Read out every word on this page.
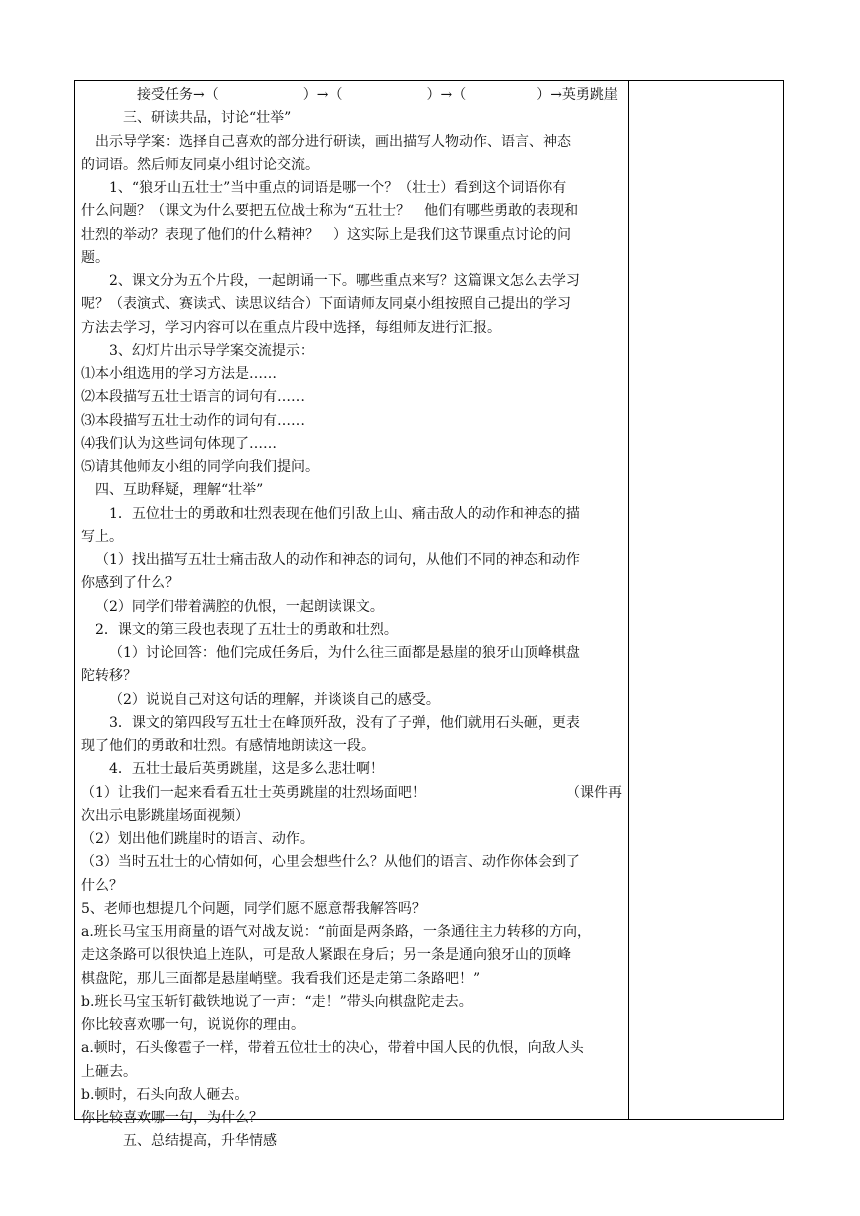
接受任务→（　　　　　　）→（　　　　　　）→（　　　　　）→英勇跳崖
三、研读共品，讨论“壮举”
出示导学案：选择自己喜欢的部分进行研读，画出描写人物动作、语言、神态
的词语。然后师友同桌小组讨论交流。
1、“狼牙山五壮士”当中重点的词语是哪一个？（壮士）看到这个词语你有
什么问题？（课文为什么要把五位战士称为“五壮士？　他们有哪些勇敢的表现和
壮烈的举动？表现了他们的什么精神？　）这实际上是我们这节课重点讨论的问
题。
2、课文分为五个片段，一起朗诵一下。哪些重点来写？这篇课文怎么去学习
呢？（表演式、赛读式、读思议结合）下面请师友同桌小组按照自己提出的学习
方法去学习，学习内容可以在重点片段中选择，每组师友进行汇报。
3、幻灯片出示导学案交流提示：
⑴本小组选用的学习方法是……
⑵本段描写五壮士语言的词句有……
⑶本段描写五壮士动作的词句有……
⑷我们认为这些词句体现了……
⑸请其他师友小组的同学向我们提问。
四、互助释疑，理解“壮举”
1．五位壮士的勇敢和壮烈表现在他们引敌上山、痛击敌人的动作和神态的描
写上。
（1）找出描写五壮士痛击敌人的动作和神态的词句，从他们不同的神态和动作
你感到了什么？
（2）同学们带着满腔的仇恨，一起朗读课文。
2．课文的第三段也表现了五壮士的勇敢和壮烈。
（1）讨论回答：他们完成任务后，为什么往三面都是悬崖的狼牙山顶峰棋盘
陀转移？
（2）说说自己对这句话的理解，并谈谈自己的感受。
3．课文的第四段写五壮士在峰顶歼敌，没有了子弹，他们就用石头砸，更表
现了他们的勇敢和壮烈。有感情地朗读这一段。
4．五壮士最后英勇跳崖，这是多么悲壮啊！
（1）让我们一起来看看五壮士英勇跳崖的壮烈场面吧！	（课件再
次出示电影跳崖场面视频）
（2）划出他们跳崖时的语言、动作。
（3）当时五壮士的心情如何，心里会想些什么？从他们的语言、动作你体会到了
什么？
5、老师也想提几个问题，同学们愿不愿意帮我解答吗？
a.班长马宝玉用商量的语气对战友说：“前面是两条路，一条通往主力转移的方向，
走这条路可以很快追上连队，可是敌人紧跟在身后；另一条是通向狼牙山的顶峰
棋盘陀，那儿三面都是悬崖峭壁。我看我们还是走第二条路吧！”
b.班长马宝玉斩钉截铁地说了一声：“走！”带头向棋盘陀走去。
你比较喜欢哪一句，说说你的理由。
a.顿时，石头像雹子一样，带着五位壮士的决心，带着中国人民的仇恨，向敌人头
上砸去。
b.顿时，石头向敌人砸去。
你比较喜欢哪一句，为什么？
五、总结提高，升华情感
